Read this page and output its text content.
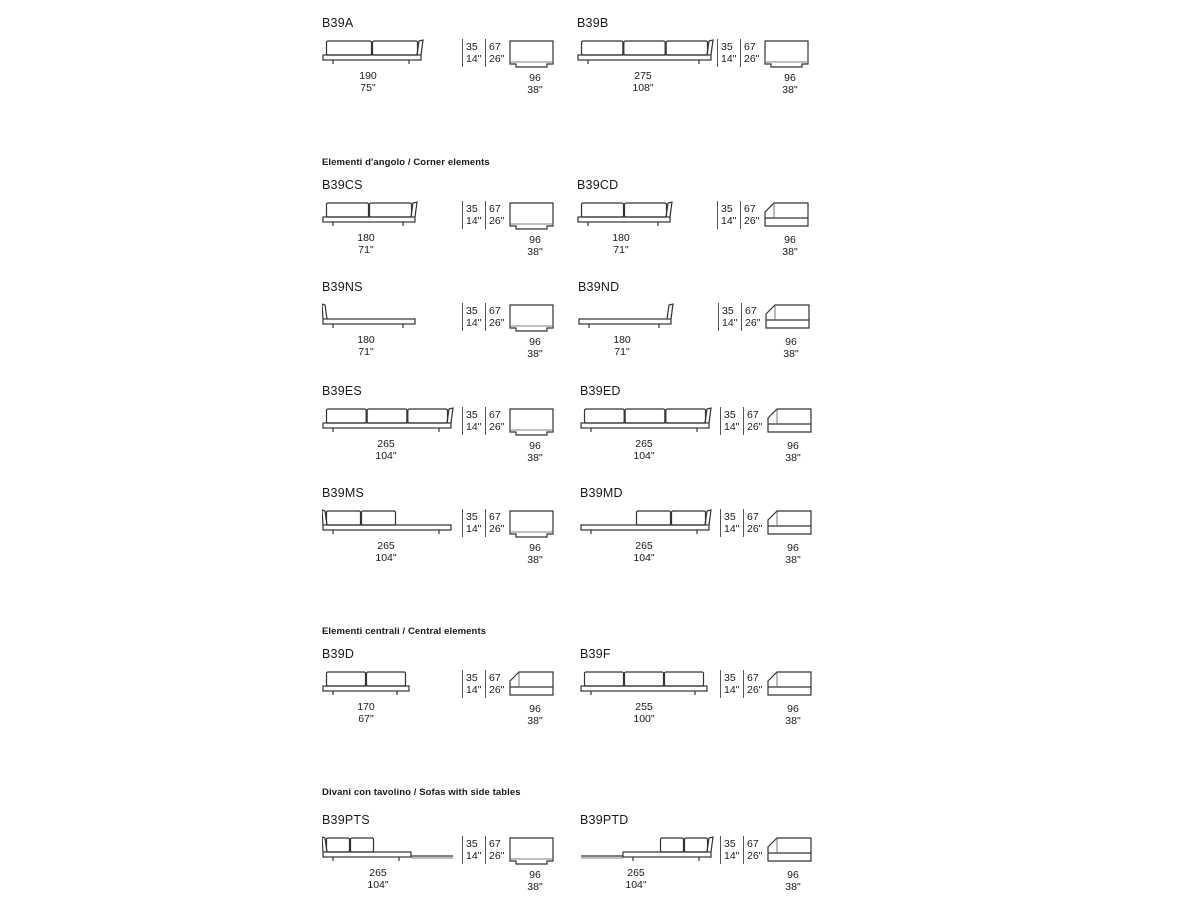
Elementi d'angolo / Corner elements
Elementi centrali / Central elements
Divani con tavolino / Sofas with side tables
B39A
190
75"
35
14"
67
26"
96
38"
B39B
275
108"
35
14"
67
26"
96
38"
B39CS
180
71"
35
14"
67
26"
96
38"
B39CD
180
71"
35
14"
67
26"
96
38"
B39NS
180
71"
35
14"
67
26"
96
38"
B39ND
180
71"
35
14"
67
26"
96
38"
B39ES
265
104"
35
14"
67
26"
96
38"
B39ED
265
104"
35
14"
67
26"
96
38"
B39MS
265
104"
35
14"
67
26"
96
38"
B39MD
265
104"
35
14"
67
26"
96
38"
B39D
170
67"
35
14"
67
26"
96
38"
B39F
255
100"
35
14"
67
26"
96
38"
B39PTS
265
104"
35
14"
67
26"
96
38"
B39PTD
265
104"
35
14"
67
26"
96
38"
